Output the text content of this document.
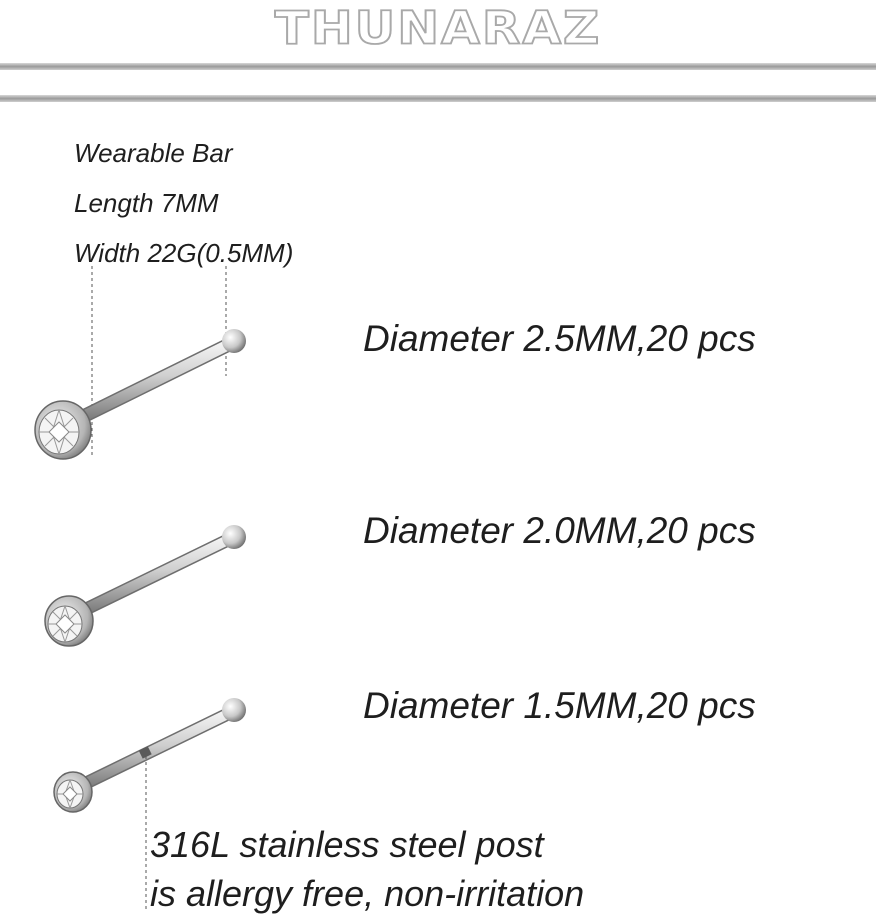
THUNARAZ
Wearable Bar
Length 7MM
Width 22G(0.5MM)
Diameter 2.5MM,20 pcs
Diameter 2.0MM,20 pcs
Diameter 1.5MM,20 pcs
316L stainless steel post
is allergy free, non-irritation
